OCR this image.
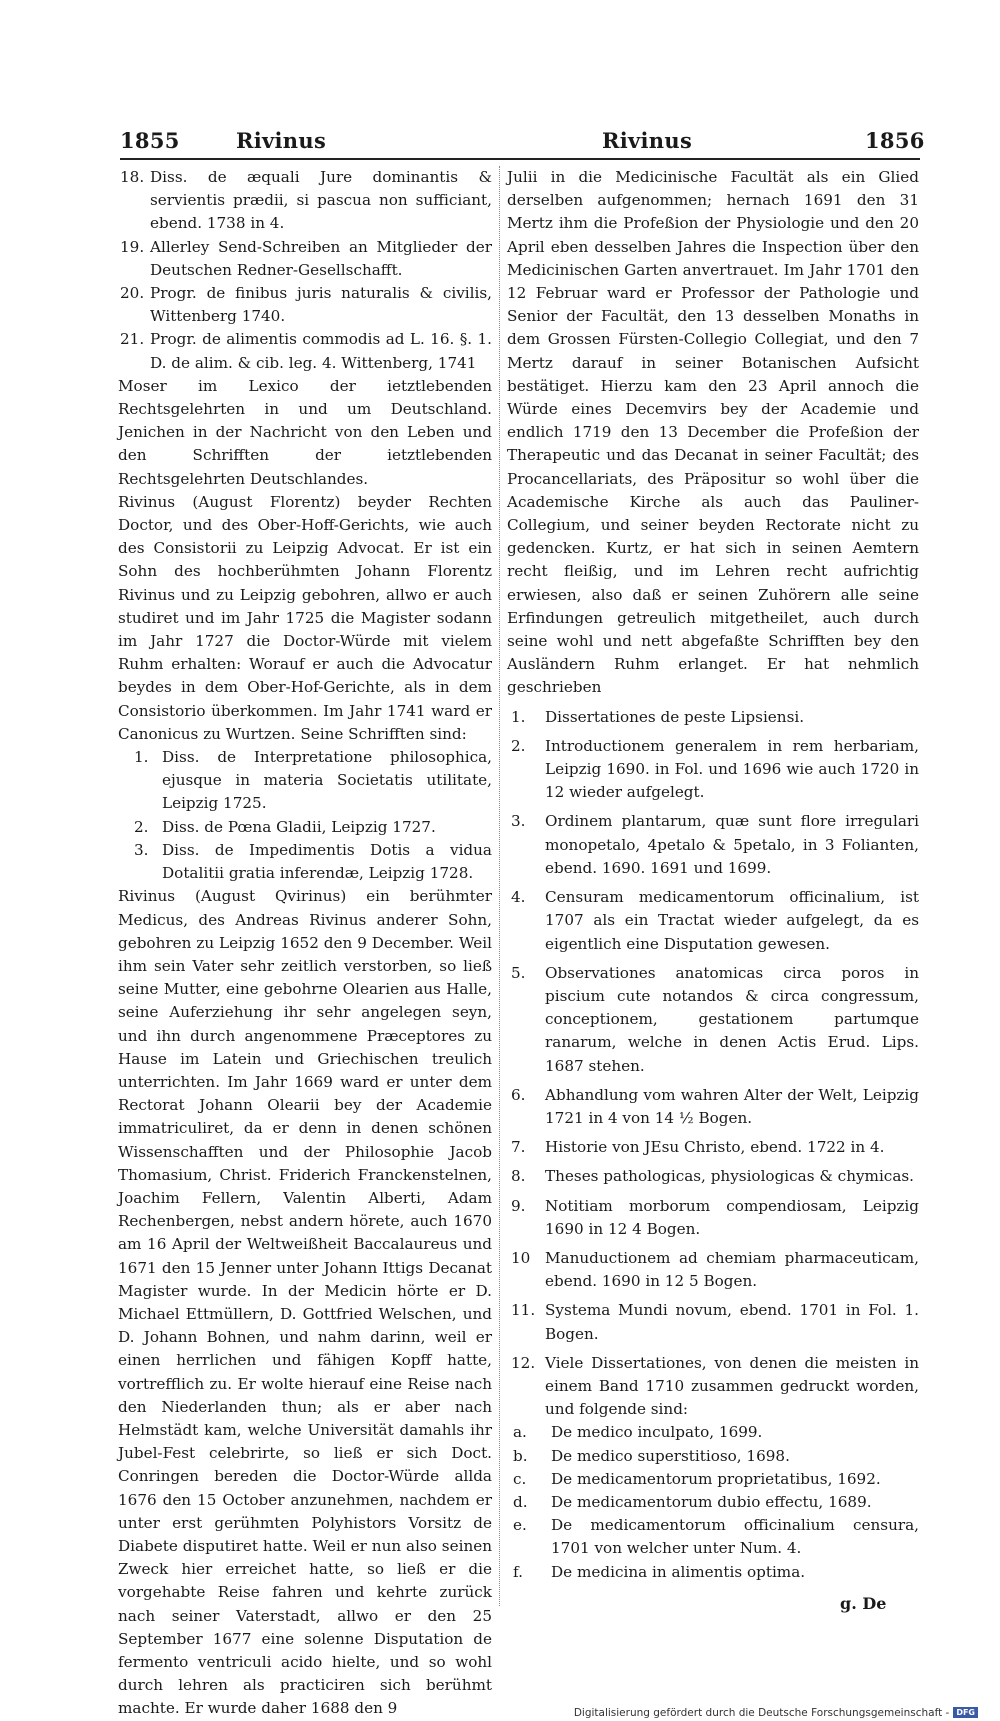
1855	Rivinus	Rivinus	1856
18. Diss. de æquali Jure dominantis & servientis prædii, si pascua non sufficiant, ebend. 1738 in 4.
19. Allerley Send-Schreiben an Mitglieder der Deutschen Redner-Gesellschafft.
20. Progr. de finibus juris naturalis & civilis, Wittenberg 1740.
21. Progr. de alimentis commodis ad L. 16. §. 1. D. de alim. & cib. leg. 4. Wittenberg, 1741

Moser im Lexico der ietztlebenden Rechtsgelehrten in und um Deutschland. Jenichen in der Nachricht von den Leben und den Schrifften der ietztlebenden Rechtsgelehrten Deutschlandes.

Rivinus (August Florentz) beyder Rechten Doctor, und des Ober-Hoff-Gerichts, wie auch des Consistorii zu Leipzig Advocat. Er ist ein Sohn des hochberühmten Johann Florentz Rivinus und zu Leipzig gebohren, allwo er auch studiret und im Jahr 1725 die Magister sodann im Jahr 1727 die Doctor-Würde mit vielem Ruhm erhalten: Worauf er auch die Advocatur beydes in dem Ober-Hof-Gerichte, als in dem Consistorio überkommen. Im Jahr 1741 ward er Canonicus zu Wurtzen. Seine Schrifften sind:

1. Diss. de Interpretatione philosophica, ejusque in materia Societatis utilitate, Leipzig 1725.
2. Diss. de Pœna Gladii, Leipzig 1727.
3. Diss. de Impedimentis Dotis a vidua Dotalitii gratia inferendæ, Leipzig 1728.

Rivinus (August Qvirinus) ein berühmter Medicus, des Andreas Rivinus anderer Sohn, gebohren zu Leipzig 1652 den 9 December. Weil ihm sein Vater sehr zeitlich verstorben, so ließ seine Mutter, eine gebohrne Olearien aus Halle, seine Auferziehung ihr sehr angelegen seyn, und ihn durch angenommene Præceptores zu Hause im Latein und Griechischen treulich unterrichten. Im Jahr 1669 ward er unter dem Rectorat Johann Olearii bey der Academie immatriculiret, da er denn in denen schönen Wissenschafften und der Philosophie Jacob Thomasium, Christ. Friderich Franckenstelnen, Joachim Fellern, Valentin Alberti, Adam Rechenbergen, nebst andern hörete, auch 1670 am 16 April der Weltweißheit Baccalaureus und 1671 den 15 Jenner unter Johann Ittigs Decanat Magister wurde. In der Medicin hörte er D. Michael Ettmüllern, D. Gottfried Welschen, und D. Johann Bohnen, und nahm darinn, weil er einen herrlichen und fähigen Kopff hatte, vortrefflich zu. Er wolte hierauf eine Reise nach den Niederlanden thun; als er aber nach Helmstädt kam, welche Universität damahls ihr Jubel-Fest celebrirte, so ließ er sich Doct. Conringen bereden die Doctor-Würde allda 1676 den 15 October anzunehmen, nachdem er unter erst gerühmten Polyhistors Vorsitz de Diabete disputiret hatte. Weil er nun also seinen Zweck hier erreichet hatte, so ließ er die vorgehabte Reise fahren und kehrte zurück nach seiner Vaterstadt, allwo er den 25 September 1677 eine solenne Disputation de fermento ventriculi acido hielte, und so wohl durch lehren als practiciren sich berühmt machte. Er wurde daher 1688 den 9

Julii in die Medicinische Facultät als ein Glied derselben aufgenommen; hernach 1691 den 31 Mertz ihm die Profeßion der Physiologie und den 20 April eben desselben Jahres die Inspection über den Medicinischen Garten anvertrauet. Im Jahr 1701 den 12 Februar ward er Professor der Pathologie und Senior der Facultät, den 13 desselben Monaths in dem Grossen Fürsten-Collegio Collegiat, und den 7 Mertz darauf in seiner Botanischen Aufsicht bestätiget. Hierzu kam den 23 April annoch die Würde eines Decemvirs bey der Academie und endlich 1719 den 13 December die Profeßion der Therapeutic und das Decanat in seiner Facultät; des Procancellariats, des Präpositur so wohl über die Academische Kirche als auch das Pauliner-Collegium, und seiner beyden Rectorate nicht zu gedencken. Kurtz, er hat sich in seinen Aemtern recht fleißig, und im Lehren recht aufrichtig erwiesen, also daß er seinen Zuhörern alle seine Erfindungen getreulich mitgetheilet, auch durch seine wohl und nett abgefaßte Schrifften bey den Ausländern Ruhm erlanget. Er hat nehmlich geschrieben

1. Dissertationes de peste Lipsiensi.
2. Introductionem generalem in rem herbariam, Leipzig 1690. in Fol. und 1696 wie auch 1720 in 12 wieder aufgelegt.
3. Ordinem plantarum, quæ sunt flore irregulari monopetalo, 4petalo & 5petalo, in 3 Folianten, ebend. 1690. 1691 und 1699.
4. Censuram medicamentorum officinalium, ist 1707 als ein Tractat wieder aufgelegt, da es eigentlich eine Disputation gewesen.
5. Observationes anatomicas circa poros in piscium cute notandos & circa congressum, conceptionem, gestationem partumque ranarum, welche in denen Actis Erud. Lips. 1687 stehen.
6. Abhandlung vom wahren Alter der Welt, Leipzig 1721 in 4 von 14 ½ Bogen.
7. Historie von JEsu Christo, ebend. 1722 in 4.
8. Theses pathologicas, physiologicas & chymicas.
9. Notitiam morborum compendiosam, Leipzig 1690 in 12 4 Bogen.
10 Manuductionem ad chemiam pharmaceuticam, ebend. 1690 in 12 5 Bogen.
11. Systema Mundi novum, ebend. 1701 in Fol. 1. Bogen.
12. Viele Dissertationes, von denen die meisten in einem Band 1710 zusammen gedruckt worden, und folgende sind:
a. De medico inculpato, 1699.
b. De medico superstitioso, 1698.
c. De medicamentorum proprietatibus, 1692.
d. De medicamentorum dubio effectu, 1689.
e. De medicamentorum officinalium censura, 1701 von welcher unter Num. 4.
f. De medicina in alimentis optima.
g. De
Digitalisierung gefördert durch die Deutsche Forschungsgemeinschaft - DFG
